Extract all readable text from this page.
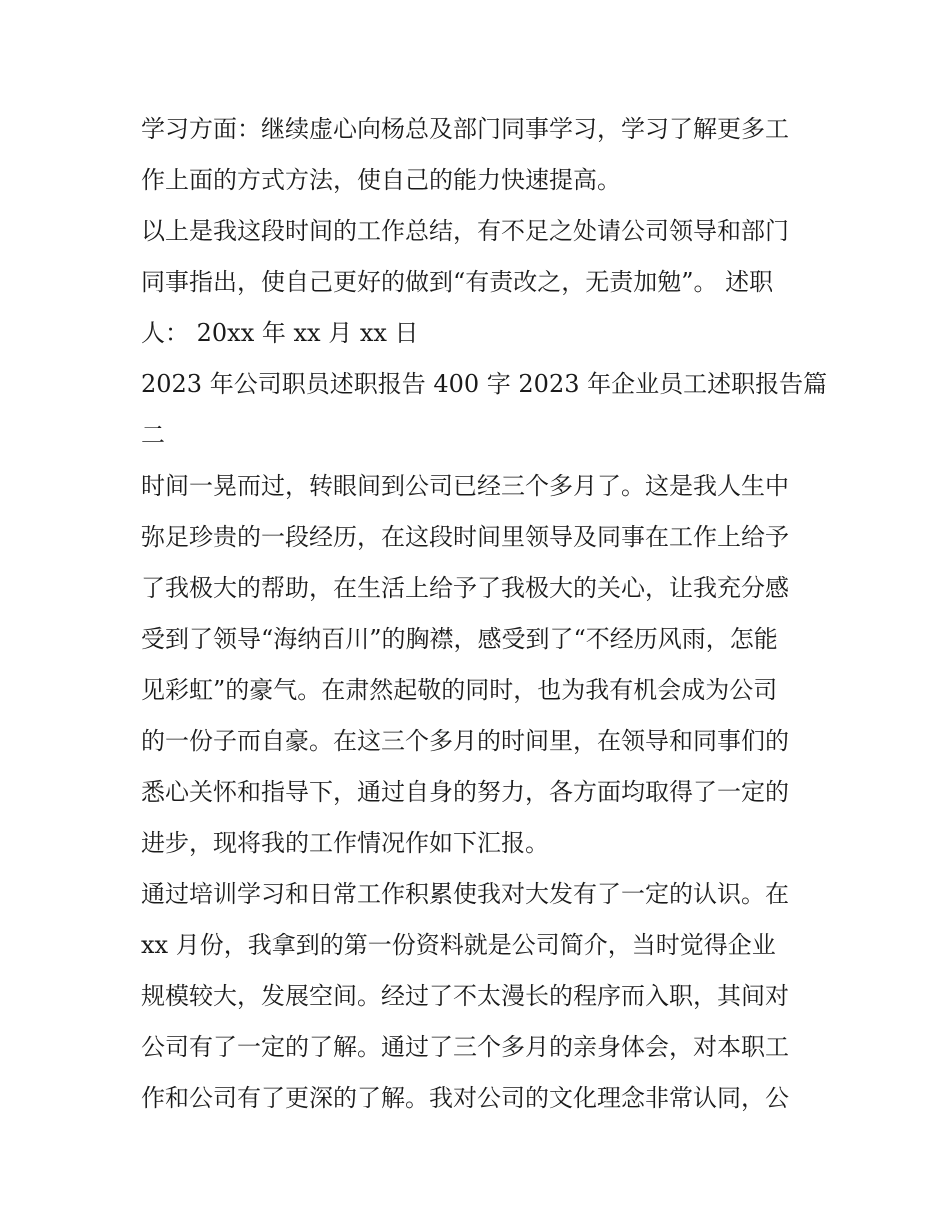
学习方面：继续虚心向杨总及部门同事学习，学习了解更多工
作上面的方式方法，使自己的能力快速提高。
以上是我这段时间的工作总结，有不足之处请公司领导和部门
同事指出，使自己更好的做到“有责改之，无责加勉”。 述职
人： 20xx 年 xx 月 xx 日
2023 年公司职员述职报告 400 字 2023 年企业员工述职报告篇
二
时间一晃而过，转眼间到公司已经三个多月了。这是我人生中
弥足珍贵的一段经历，在这段时间里领导及同事在工作上给予
了我极大的帮助，在生活上给予了我极大的关心，让我充分感
受到了领导“海纳百川”的胸襟，感受到了“不经历风雨，怎能
见彩虹”的豪气。在肃然起敬的同时，也为我有机会成为公司
的一份子而自豪。在这三个多月的时间里，在领导和同事们的
悉心关怀和指导下，通过自身的努力，各方面均取得了一定的
进步，现将我的工作情况作如下汇报。
通过培训学习和日常工作积累使我对大发有了一定的认识。在
xx 月份，我拿到的第一份资料就是公司简介，当时觉得企业
规模较大，发展空间。经过了不太漫长的程序而入职，其间对
公司有了一定的了解。通过了三个多月的亲身体会，对本职工
作和公司有了更深的了解。我对公司的文化理念非常认同，公
